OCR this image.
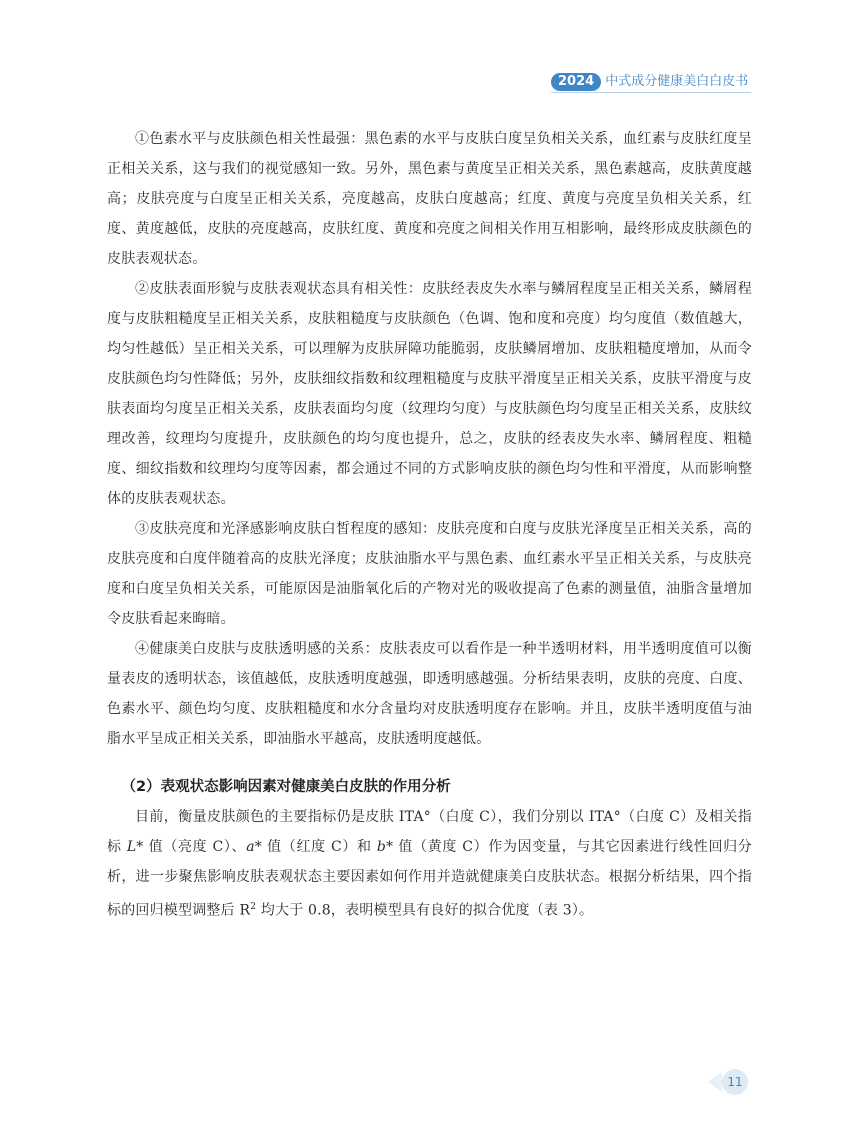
2024 中式成分健康美白白皮书

①色素水平与皮肤颜色相关性最强：黑色素的水平与皮肤白度呈负相关关系，血红素与皮肤红度呈正相关关系，这与我们的视觉感知一致。另外，黑色素与黄度呈正相关关系，黑色素越高，皮肤黄度越高；皮肤亮度与白度呈正相关关系，亮度越高，皮肤白度越高；红度、黄度与亮度呈负相关关系，红度、黄度越低，皮肤的亮度越高，皮肤红度、黄度和亮度之间相关作用互相影响，最终形成皮肤颜色的皮肤表观状态。

②皮肤表面形貌与皮肤表观状态具有相关性：皮肤经表皮失水率与鳞屑程度呈正相关关系，鳞屑程度与皮肤粗糙度呈正相关关系，皮肤粗糙度与皮肤颜色（色调、饱和度和亮度）均匀度值（数值越大，均匀性越低）呈正相关关系，可以理解为皮肤屏障功能脆弱，皮肤鳞屑增加、皮肤粗糙度增加，从而令皮肤颜色均匀性降低；另外，皮肤细纹指数和纹理粗糙度与皮肤平滑度呈正相关关系，皮肤平滑度与皮肤表面均匀度呈正相关关系，皮肤表面均匀度（纹理均匀度）与皮肤颜色均匀度呈正相关关系，皮肤纹理改善，纹理均匀度提升，皮肤颜色的均匀度也提升，总之，皮肤的经表皮失水率、鳞屑程度、粗糙度、细纹指数和纹理均匀度等因素，都会通过不同的方式影响皮肤的颜色均匀性和平滑度，从而影响整体的皮肤表观状态。

③皮肤亮度和光泽感影响皮肤白皙程度的感知：皮肤亮度和白度与皮肤光泽度呈正相关关系，高的皮肤亮度和白度伴随着高的皮肤光泽度；皮肤油脂水平与黑色素、血红素水平呈正相关关系，与皮肤亮度和白度呈负相关关系，可能原因是油脂氧化后的产物对光的吸收提高了色素的测量值，油脂含量增加令皮肤看起来晦暗。

④健康美白皮肤与皮肤透明感的关系：皮肤表皮可以看作是一种半透明材料，用半透明度值可以衡量表皮的透明状态，该值越低，皮肤透明度越强，即透明感越强。分析结果表明，皮肤的亮度、白度、色素水平、颜色均匀度、皮肤粗糙度和水分含量均对皮肤透明度存在影响。并且，皮肤半透明度值与油脂水平呈成正相关关系，即油脂水平越高，皮肤透明度越低。

（2）表观状态影响因素对健康美白皮肤的作用分析

目前，衡量皮肤颜色的主要指标仍是皮肤 ITA°（白度 C），我们分别以 ITA°（白度 C）及相关指标 L* 值（亮度 C）、a* 值（红度 C）和 b* 值（黄度 C）作为因变量，与其它因素进行线性回归分析，进一步聚焦影响皮肤表观状态主要因素如何作用并造就健康美白皮肤状态。根据分析结果，四个指标的回归模型调整后 $R^2$ 均大于 0.8，表明模型具有良好的拟合优度（表 3）。

11
